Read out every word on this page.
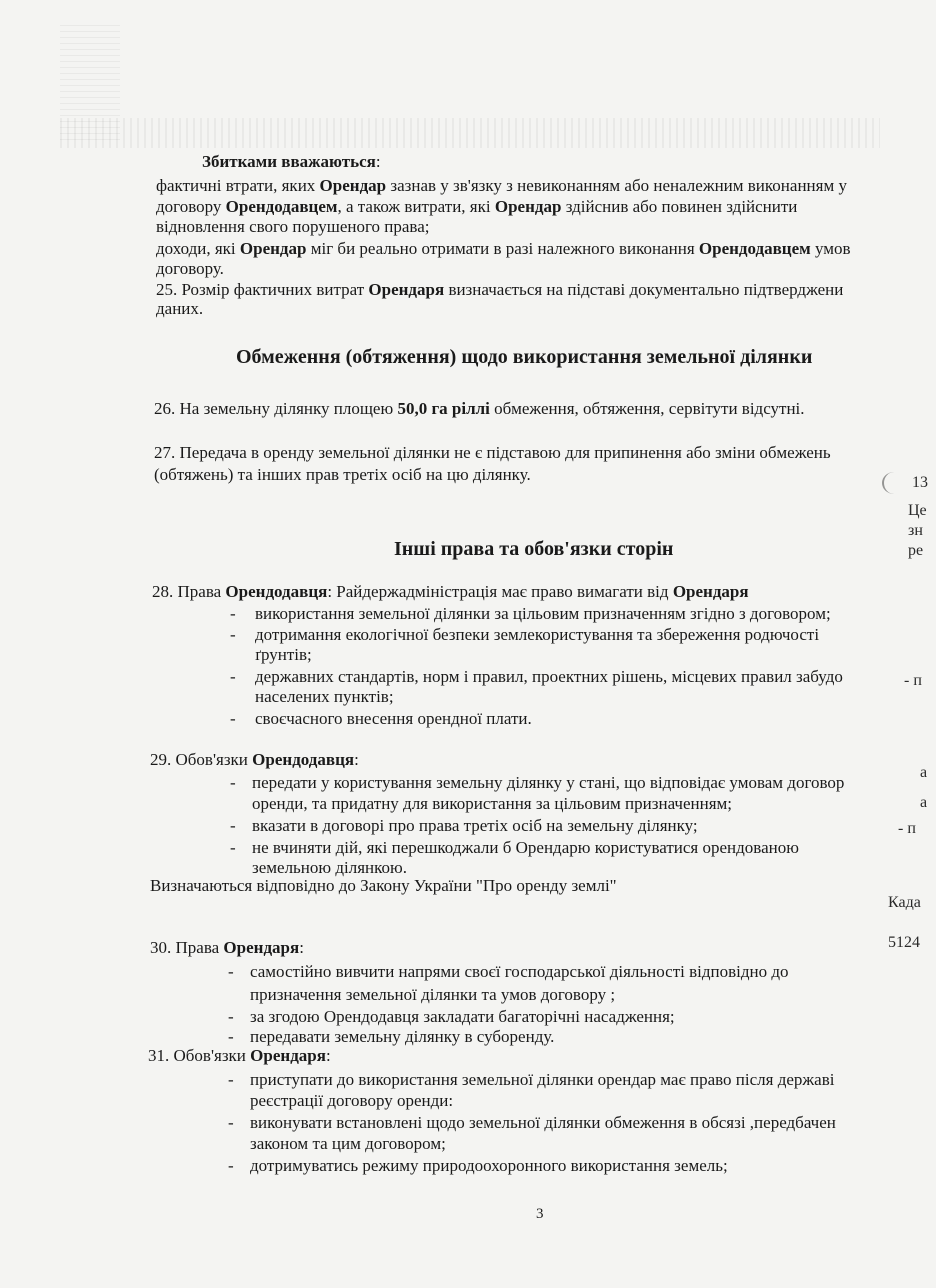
Збитками вважаються:
фактичні втрати, яких Орендар зазнав у зв'язку з невиконанням або неналежним виконанням у
договору Орендодавцем, а також витрати, які Орендар здійснив або повинен здійснити
відновлення свого порушеного права;
доходи, які Орендар міг би реально отримати в разі належного виконання Орендодавцем умов
договору.
25. Розмір фактичних витрат Орендаря визначається на підставі документально підтверджени
даних.
Обмеження (обтяження) щодо використання земельної ділянки
26. На земельну ділянку площею 50,0 га ріллі обмеження, обтяження, сервітути відсутні.
27. Передача в оренду земельної ділянки не є підставою для припинення або зміни обмежень
(обтяжень) та інших прав третіх осіб на цю ділянку.
Інші права та обов'язки сторін
28. Права Орендодавця: Райдержадміністрація має право вимагати від Орендаря
- використання земельної ділянки за цільовим призначенням згідно з договором;
- дотримання екологічної безпеки землекористування та збереження родючості
ґрунтів;
- державних стандартів, норм і правил, проектних рішень, місцевих правил забудо
населених пунктів;
- своєчасного внесення орендної плати.
29. Обов'язки Орендодавця:
- передати у користування земельну ділянку у стані, що відповідає умовам договор
оренди, та придатну для використання за цільовим призначенням;
- вказати в договорі про права третіх осіб на земельну ділянку;
- не вчиняти дій, які перешкоджали б Орендарю користуватися орендованою
земельною ділянкою.
Визначаються відповідно до Закону України "Про оренду землі"
30. Права Орендаря:
- самостійно вивчити напрями своєї господарської діяльності відповідно до
призначення земельної ділянки та умов договору ;
- за згодою Орендодавця закладати багаторічні насадження;
- передавати земельну ділянку в суборенду.
31. Обов'язки Орендаря:
- приступати до використання земельної ділянки орендар має право після державі
реєстрації договору оренди:
- виконувати встановлені щодо земельної ділянки обмеження в обсязі ,передбачен
законом та цим договором;
- дотримуватись режиму природоохоронного використання земель;
3
13
Це
зн
ре
- п
а
а
- п
Када
5124
